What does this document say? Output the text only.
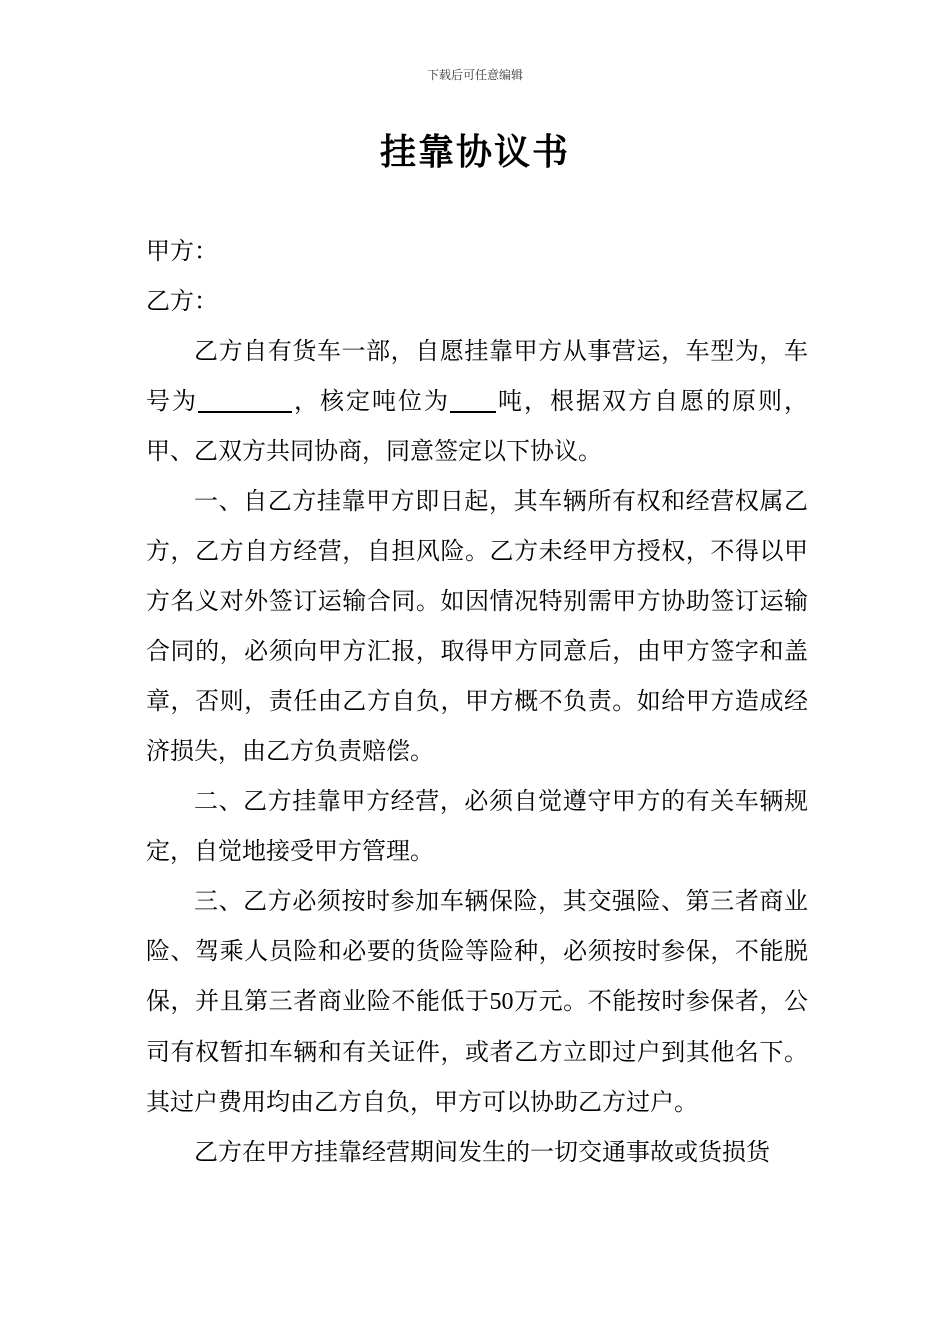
下载后可任意编辑
挂靠协议书

甲方：

乙方：

乙方自有货车一部，自愿挂靠甲方从事营运，车型为，车号为	，核定吨位为 吨，根据双方自愿的原则，甲、乙双方共同协商，同意签定以下协议。

一、自乙方挂靠甲方即日起，其车辆所有权和经营权属乙方，乙方自方经营，自担风险。乙方未经甲方授权，不得以甲方名义对外签订运输合同。如因情况特别需甲方协助签订运输合同的，必须向甲方汇报，取得甲方同意后，由甲方签字和盖章，否则，责任由乙方自负，甲方概不负责。如给甲方造成经济损失，由乙方负责赔偿。

二、乙方挂靠甲方经营，必须自觉遵守甲方的有关车辆规定，自觉地接受甲方管理。

三、乙方必须按时参加车辆保险，其交强险、第三者商业险、驾乘人员险和必要的货险等险种，必须按时参保，不能脱保，并且第三者商业险不能低于50万元。不能按时参保者，公司有权暂扣车辆和有关证件，或者乙方立即过户到其他名下。其过户费用均由乙方自负，甲方可以协助乙方过户。

乙方在甲方挂靠经营期间发生的一切交通事故或货损货
